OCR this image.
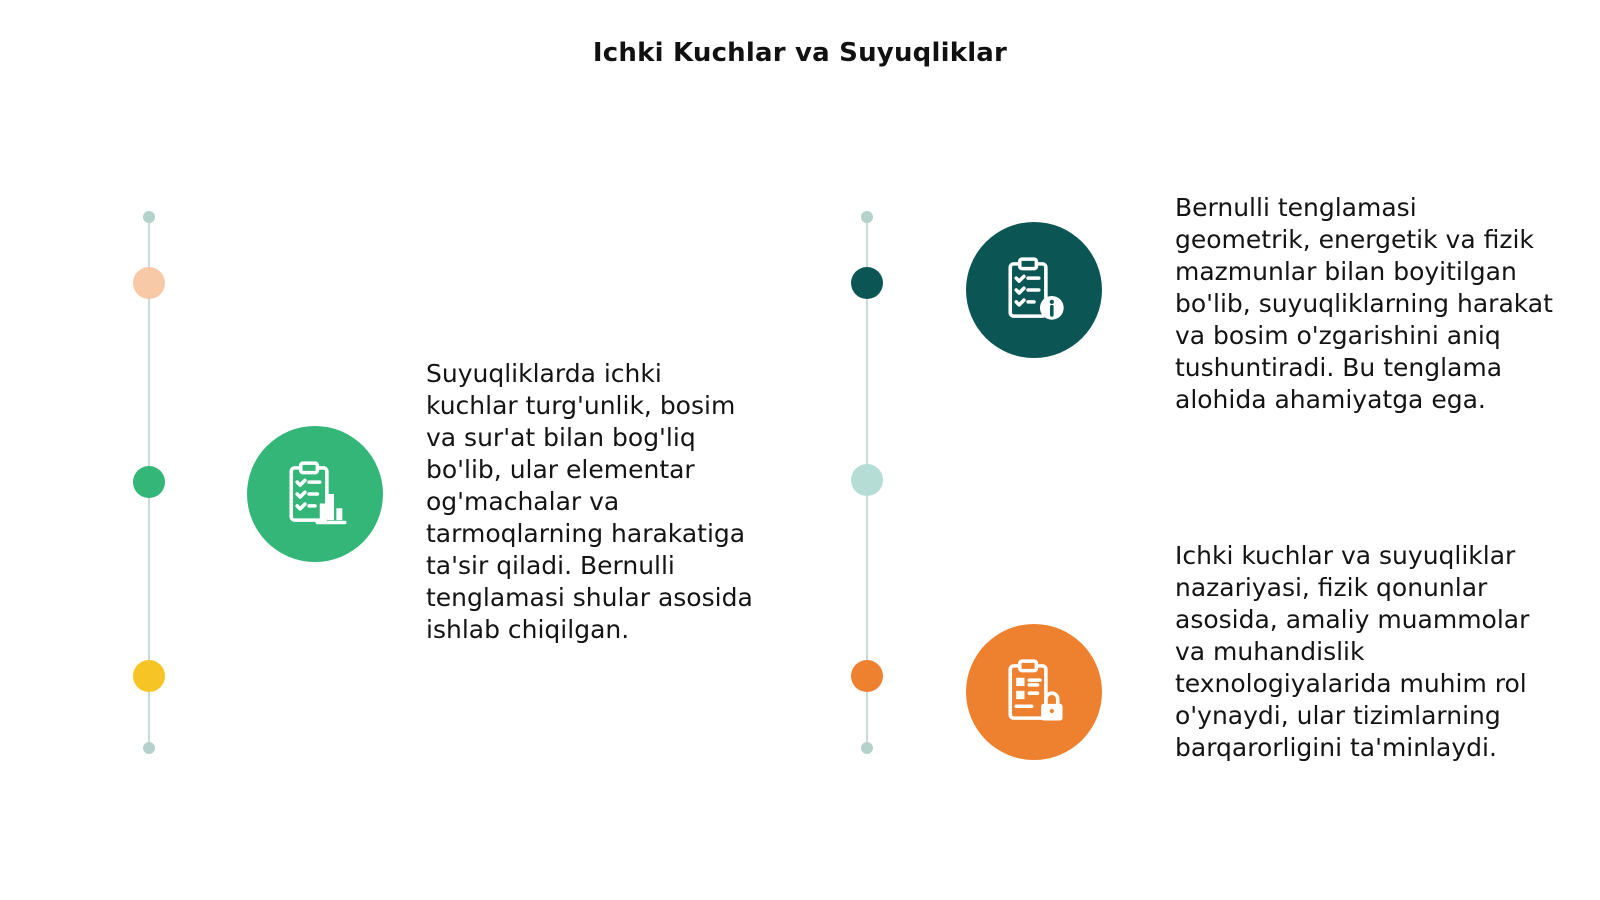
Ichki Kuchlar va Suyuqliklar

Suyuqliklarda ichki kuchlar turg'unlik, bosim va sur'at bilan bog'liq bo'lib, ular elementar og'machalar va tarmoqlarning harakatiga ta'sir qiladi. Bernulli tenglamasi shular asosida ishlab chiqilgan.

Bernulli tenglamasi geometrik, energetik va fizik mazmunlar bilan boyitilgan bo'lib, suyuqliklarning harakat va bosim o'zgarishini aniq tushuntiradi. Bu tenglama alohida ahamiyatga ega.

Ichki kuchlar va suyuqliklar nazariyasi, fizik qonunlar asosida, amaliy muammolar va muhandislik texnologiyalarida muhim rol o'ynaydi, ular tizimlarning barqarorligini ta'minlaydi.
